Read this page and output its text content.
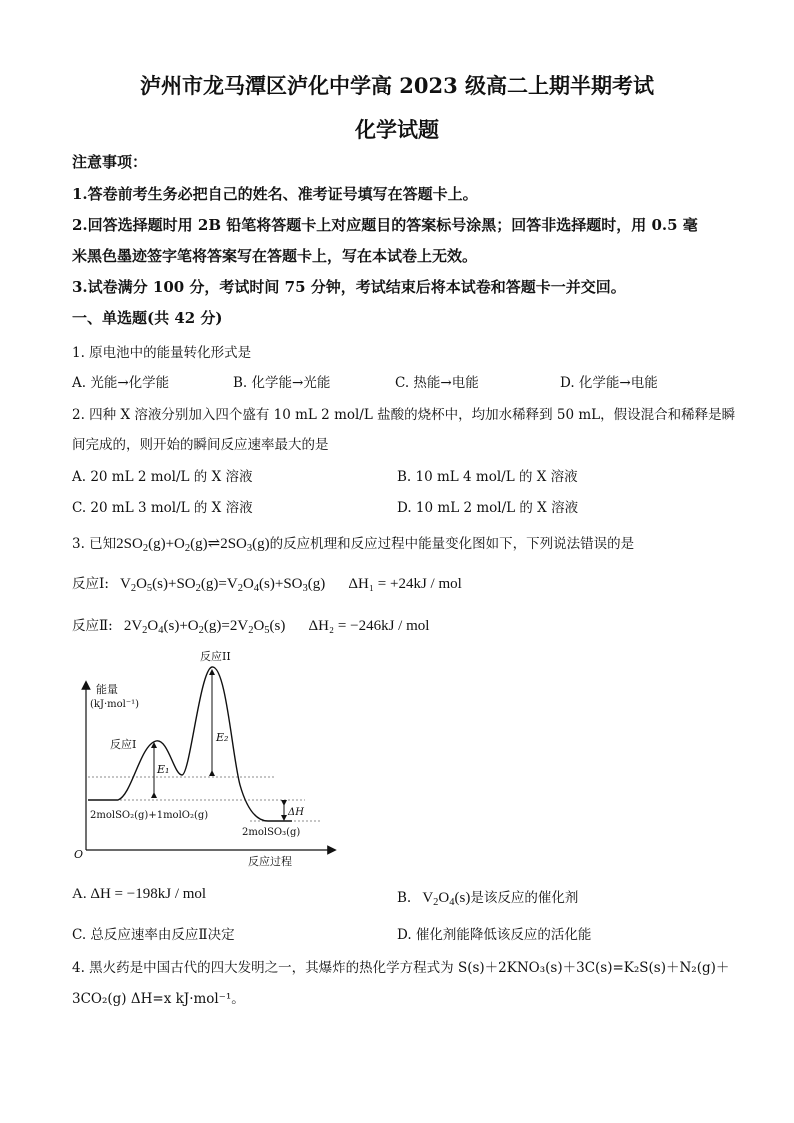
泸州市龙马潭区泸化中学高 2023 级高二上期半期考试
化学试题
注意事项：
1.答卷前考生务必把自己的姓名、准考证号填写在答题卡上。
2.回答选择题时用 2B 铅笔将答题卡上对应题目的答案标号涂黑；回答非选择题时，用 0.5 毫
米黑色墨迹签字笔将答案写在答题卡上，写在本试卷上无效。
3.试卷满分 100 分，考试时间 75 分钟，考试结束后将本试卷和答题卡一并交回。
一、单选题(共 42 分)
1. 原电池中的能量转化形式是
A. 光能→化学能	B. 化学能→光能	C. 热能→电能	D. 化学能→电能
2. 四种 X 溶液分别加入四个盛有 10 mL 2 mol/L 盐酸的烧杯中，均加水稀释到 50 mL，假设混合和稀释是瞬
间完成的，则开始的瞬间反应速率最大的是
A. 20 mL 2 mol/L 的 X 溶液	B. 10 mL 4 mol/L 的 X 溶液
C. 20 mL 3 mol/L 的 X 溶液	D. 10 mL 2 mol/L 的 X 溶液
3. 已知$2SO_2(g)+O_2(g)\rightleftharpoons 2SO_3(g)$的反应机理和反应过程中能量变化图如下，下列说法错误的是
反应Ⅰ: $V_2O_5(s)+SO_2(g)=V_2O_4(s)+SO_3(g) \Delta H_1 = +24kJ$ / mol
反应Ⅱ: $2V_2O_4(s)+O_2(g)=2V_2O_5(s) \Delta H_2 = -246kJ$ / mol
能量
(kJ·mol⁻¹)
O
反应过程
E₁
E₂
ΔH
反应I
反应II
2molSO₂(g)+1molO₂(g)
2molSO₃(g)
A. ΔH = −198kJ / mol	B. $V_2O_4(s)$是该反应的催化剂
C. 总反应速率由反应Ⅱ决定	D. 催化剂能降低该反应的活化能
4. 黑火药是中国古代的四大发明之一，其爆炸的热化学方程式为 S(s)＋2KNO₃(s)＋3C(s)=K₂S(s)＋N₂(g)＋
3CO₂(g) ΔH=x kJ·mol⁻¹。
